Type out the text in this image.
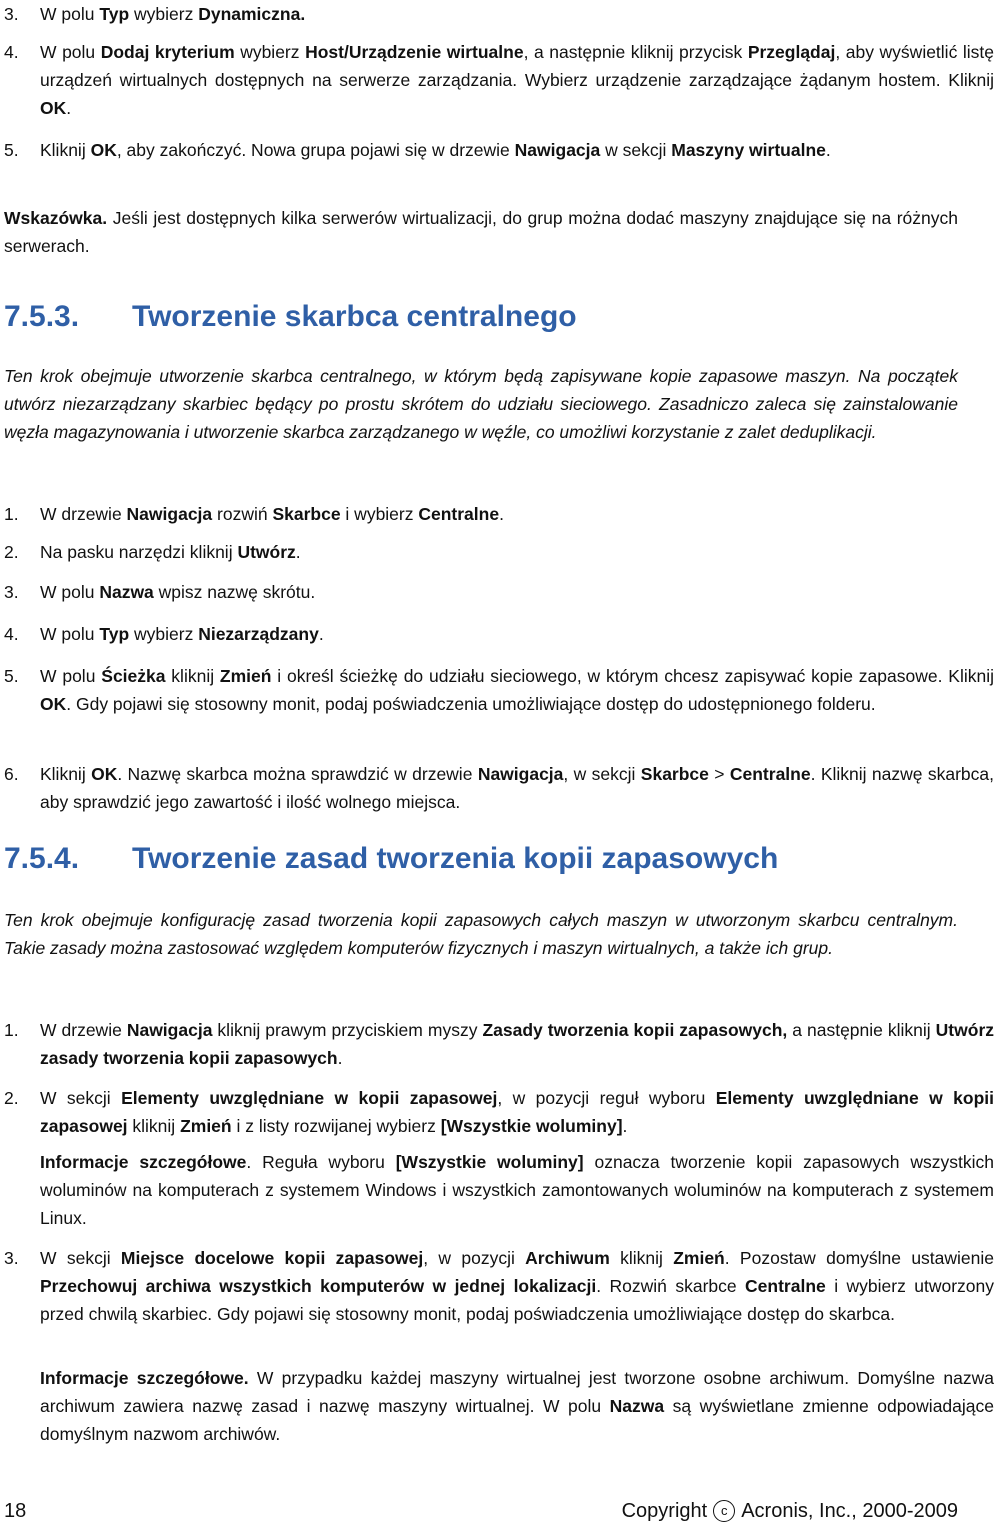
3. W polu Typ wybierz Dynamiczna.
4. W polu Dodaj kryterium wybierz Host/Urządzenie wirtualne, a następnie kliknij przycisk Przeglądaj, aby wyświetlić listę urządzeń wirtualnych dostępnych na serwerze zarządzania. Wybierz urządzenie zarządzające żądanym hostem. Kliknij OK.
5. Kliknij OK, aby zakończyć. Nowa grupa pojawi się w drzewie Nawigacja w sekcji Maszyny wirtualne.
Wskazówka. Jeśli jest dostępnych kilka serwerów wirtualizacji, do grup można dodać maszyny znajdujące się na różnych serwerach.
7.5.3. Tworzenie skarbca centralnego
Ten krok obejmuje utworzenie skarbca centralnego, w którym będą zapisywane kopie zapasowe maszyn. Na początek utwórz niezarządzany skarbiec będący po prostu skrótem do udziału sieciowego. Zasadniczo zaleca się zainstalowanie węzła magazynowania i utworzenie skarbca zarządzanego w węźle, co umożliwi korzystanie z zalet deduplikacji.
1. W drzewie Nawigacja rozwiń Skarbce i wybierz Centralne.
2. Na pasku narzędzi kliknij Utwórz.
3. W polu Nazwa wpisz nazwę skrótu.
4. W polu Typ wybierz Niezarządzany.
5. W polu Ścieżka kliknij Zmień i określ ścieżkę do udziału sieciowego, w którym chcesz zapisywać kopie zapasowe. Kliknij OK. Gdy pojawi się stosowny monit, podaj poświadczenia umożliwiające dostęp do udostępnionego folderu.
6. Kliknij OK. Nazwę skarbca można sprawdzić w drzewie Nawigacja, w sekcji Skarbce > Centralne. Kliknij nazwę skarbca, aby sprawdzić jego zawartość i ilość wolnego miejsca.
7.5.4. Tworzenie zasad tworzenia kopii zapasowych
Ten krok obejmuje konfigurację zasad tworzenia kopii zapasowych całych maszyn w utworzonym skarbcu centralnym. Takie zasady można zastosować względem komputerów fizycznych i maszyn wirtualnych, a także ich grup.
1. W drzewie Nawigacja kliknij prawym przyciskiem myszy Zasady tworzenia kopii zapasowych, a następnie kliknij Utwórz zasady tworzenia kopii zapasowych.
2. W sekcji Elementy uwzględniane w kopii zapasowej, w pozycji reguł wyboru Elementy uwzględniane w kopii zapasowej kliknij Zmień i z listy rozwijanej wybierz [Wszystkie woluminy].
Informacje szczegółowe. Reguła wyboru [Wszystkie woluminy] oznacza tworzenie kopii zapasowych wszystkich woluminów na komputerach z systemem Windows i wszystkich zamontowanych woluminów na komputerach z systemem Linux.
3. W sekcji Miejsce docelowe kopii zapasowej, w pozycji Archiwum kliknij Zmień. Pozostaw domyślne ustawienie Przechowuj archiwa wszystkich komputerów w jednej lokalizacji. Rozwiń skarbce Centralne i wybierz utworzony przed chwilą skarbiec. Gdy pojawi się stosowny monit, podaj poświadczenia umożliwiające dostęp do skarbca.
Informacje szczegółowe. W przypadku każdej maszyny wirtualnej jest tworzone osobne archiwum. Domyślne nazwa archiwum zawiera nazwę zasad i nazwę maszyny wirtualnej. W polu Nazwa są wyświetlane zmienne odpowiadające domyślnym nazwom archiwów.
18	Copyright c Acronis, Inc., 2000-2009
